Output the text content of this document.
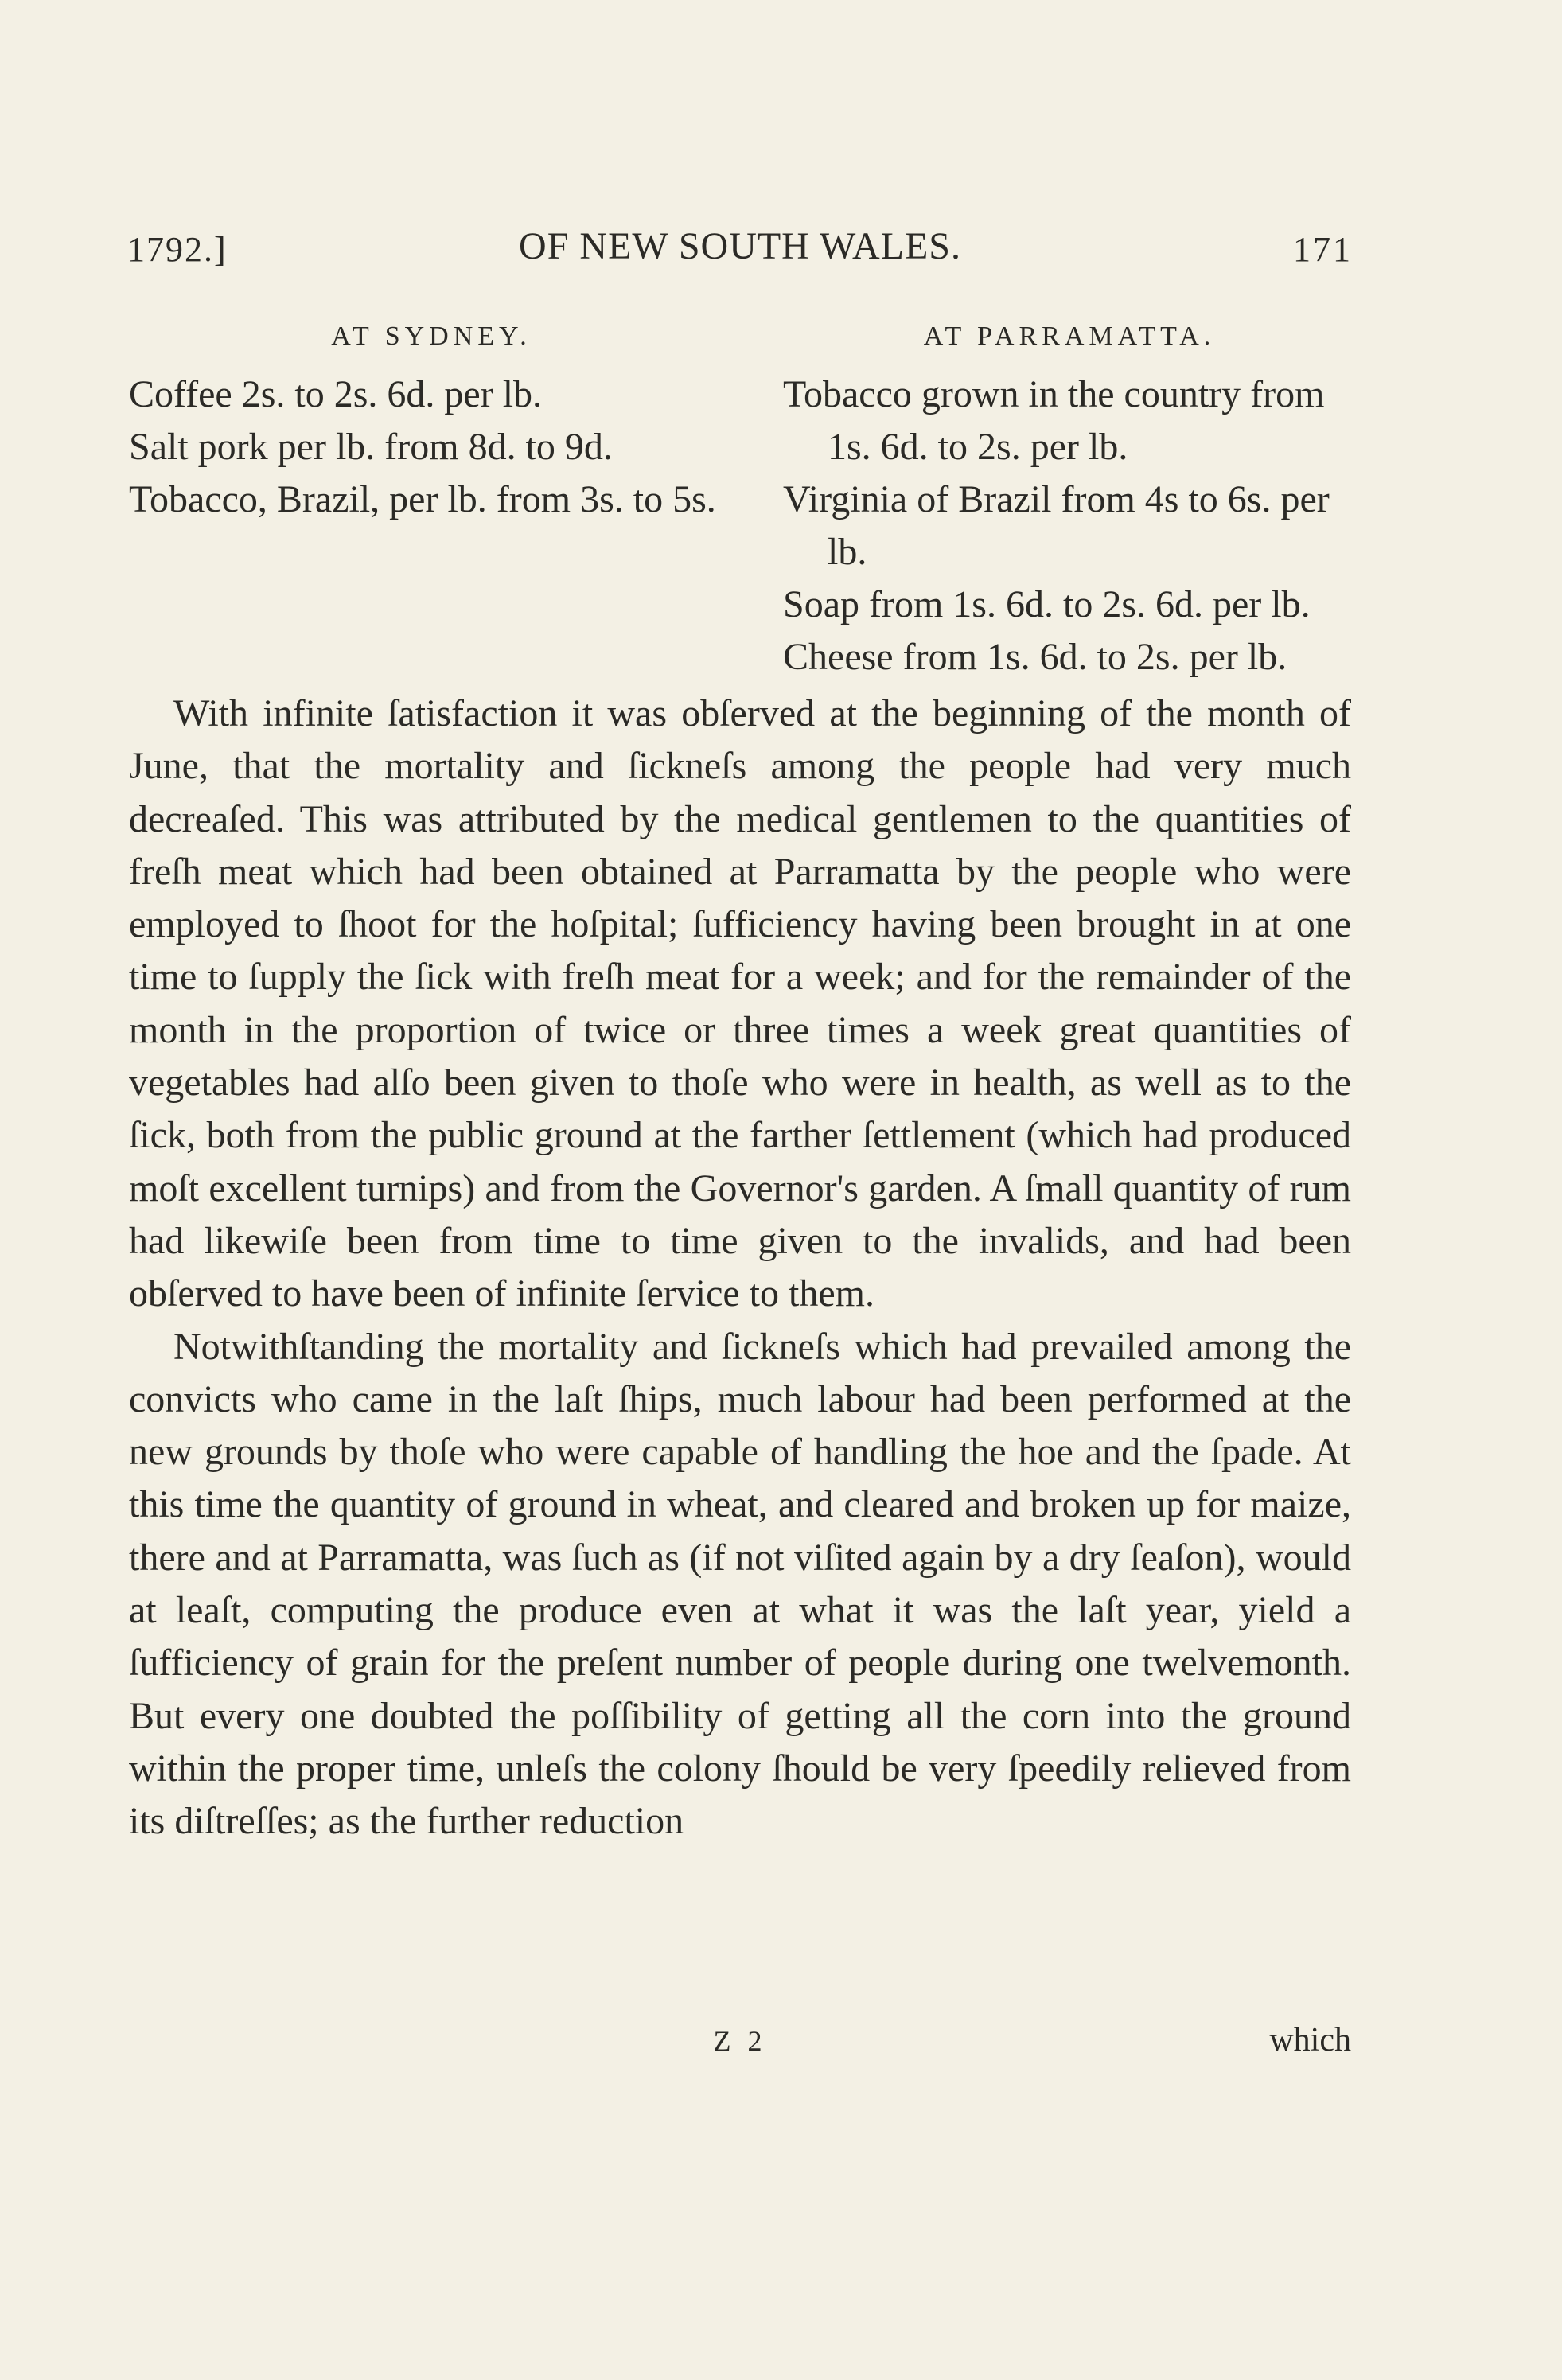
1792.]	OF NEW SOUTH WALES.	171
AT SYDNEY.

Coffee 2s. to 2s. 6d. per lb.

Salt pork per lb. from 8d. to 9d.

Tobacco, Brazil, per lb. from 3s. to 5s.

AT PARRAMATTA.

Tobacco grown in the country from 1s. 6d. to 2s. per lb.

Virginia of Brazil from 4s to 6s. per lb.

Soap from 1s. 6d. to 2s. 6d. per lb.

Cheese from 1s. 6d. to 2s. per lb.

With infinite ſatisfaction it was obſerved at the beginning of the month of June, that the mortality and ſickneſs among the people had very much decreaſed. This was attributed by the medical gentlemen to the quantities of freſh meat which had been obtained at Parramatta by the people who were employed to ſhoot for the hoſpital; ſufficiency having been brought in at one time to ſupply the ſick with freſh meat for a week; and for the remainder of the month in the proportion of twice or three times a week great quantities of vegetables had alſo been given to thoſe who were in health, as well as to the ſick, both from the public ground at the farther ſettlement (which had produced moſt excellent turnips) and from the Governor's garden. A ſmall quantity of rum had likewiſe been from time to time given to the invalids, and had been obſerved to have been of infinite ſervice to them.

Notwithſtanding the mortality and ſickneſs which had prevailed among the convicts who came in the laſt ſhips, much labour had been performed at the new grounds by thoſe who were capable of handling the hoe and the ſpade. At this time the quantity of ground in wheat, and cleared and broken up for maize, there and at Parramatta, was ſuch as (if not viſited again by a dry ſeaſon), would at leaſt, computing the produce even at what it was the laſt year, yield a ſufficiency of grain for the preſent number of people during one twelvemonth. But every one doubted the poſſibility of getting all the corn into the ground within the proper time, unleſs the colony ſhould be very ſpeedily relieved from its diſtreſſes; as the further reduction

Z 2	which
